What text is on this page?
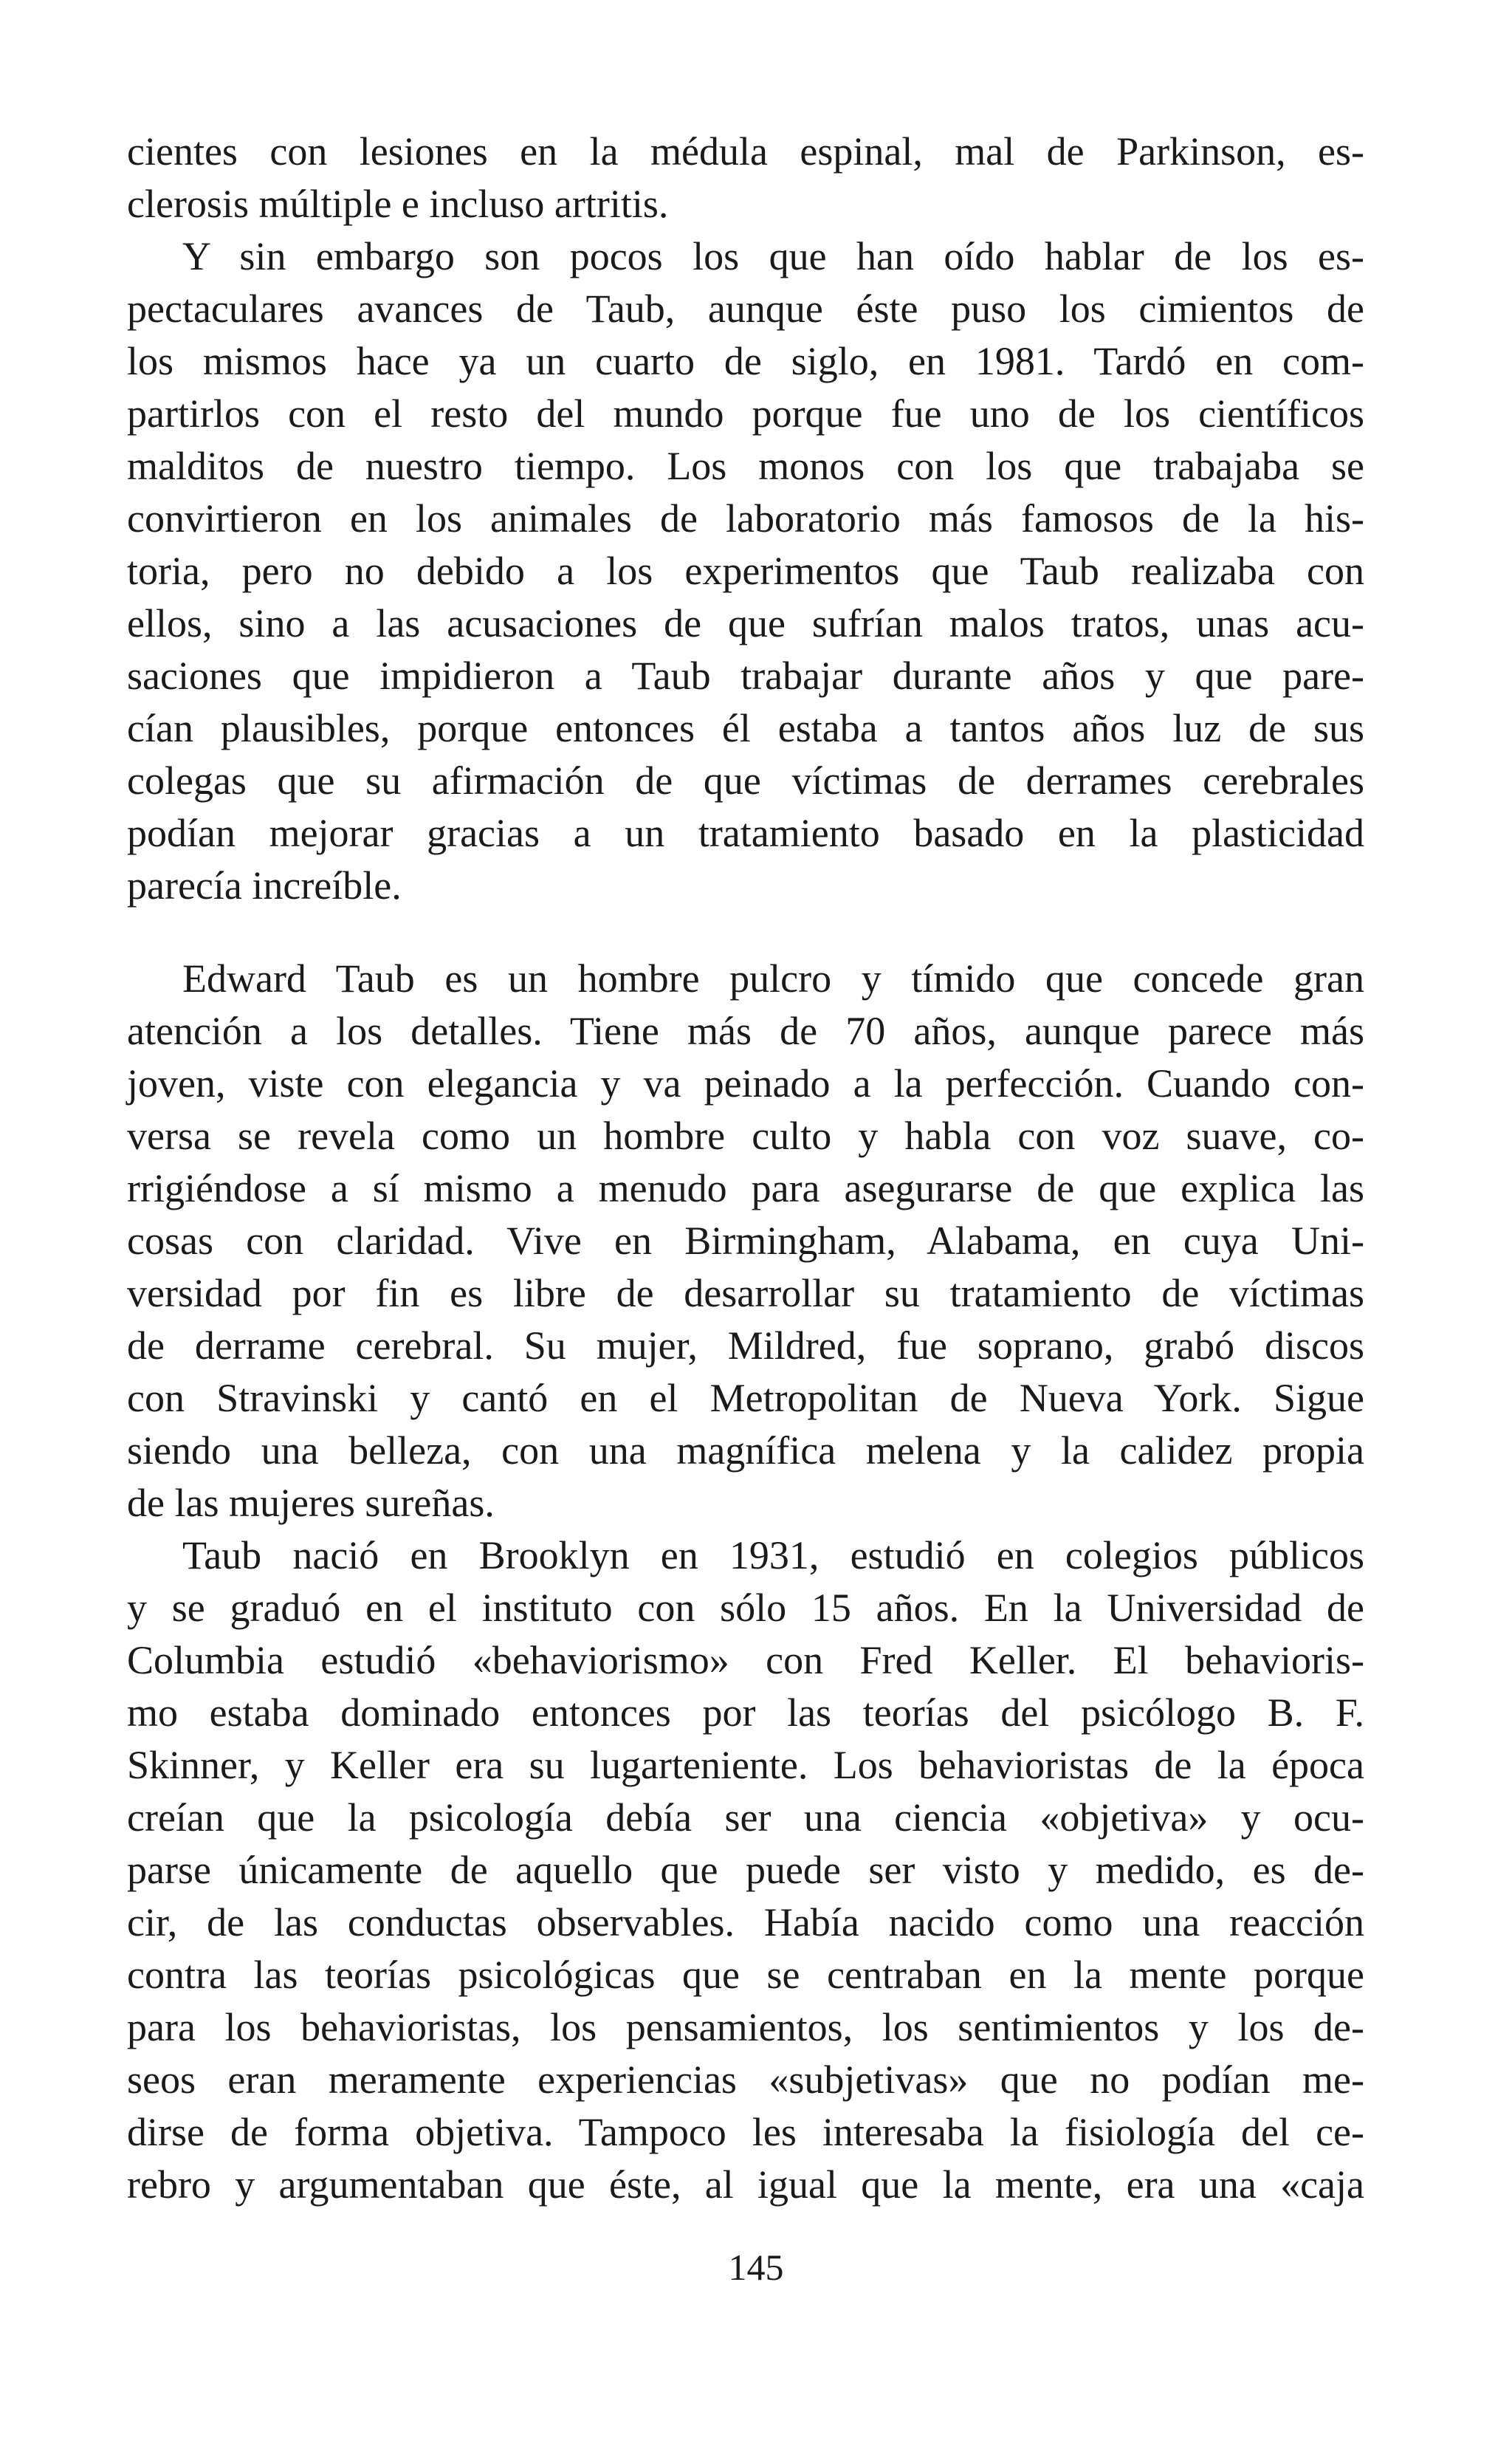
cientes con lesiones en la médula espinal, mal de Parkinson, es-
clerosis múltiple e incluso artritis.
Y sin embargo son pocos los que han oído hablar de los es-
pectaculares avances de Taub, aunque éste puso los cimientos de
los mismos hace ya un cuarto de siglo, en 1981. Tardó en com-
partirlos con el resto del mundo porque fue uno de los científicos
malditos de nuestro tiempo. Los monos con los que trabajaba se
convirtieron en los animales de laboratorio más famosos de la his-
toria, pero no debido a los experimentos que Taub realizaba con
ellos, sino a las acusaciones de que sufrían malos tratos, unas acu-
saciones que impidieron a Taub trabajar durante años y que pare-
cían plausibles, porque entonces él estaba a tantos años luz de sus
colegas que su afirmación de que víctimas de derrames cerebrales
podían mejorar gracias a un tratamiento basado en la plasticidad
parecía increíble.
Edward Taub es un hombre pulcro y tímido que concede gran
atención a los detalles. Tiene más de 70 años, aunque parece más
joven, viste con elegancia y va peinado a la perfección. Cuando con-
versa se revela como un hombre culto y habla con voz suave, co-
rrigiéndose a sí mismo a menudo para asegurarse de que explica las
cosas con claridad. Vive en Birmingham, Alabama, en cuya Uni-
versidad por fin es libre de desarrollar su tratamiento de víctimas
de derrame cerebral. Su mujer, Mildred, fue soprano, grabó discos
con Stravinski y cantó en el Metropolitan de Nueva York. Sigue
siendo una belleza, con una magnífica melena y la calidez propia
de las mujeres sureñas.
Taub nació en Brooklyn en 1931, estudió en colegios públicos
y se graduó en el instituto con sólo 15 años. En la Universidad de
Columbia estudió «behaviorismo» con Fred Keller. El behavioris-
mo estaba dominado entonces por las teorías del psicólogo B. F.
Skinner, y Keller era su lugarteniente. Los behavioristas de la época
creían que la psicología debía ser una ciencia «objetiva» y ocu-
parse únicamente de aquello que puede ser visto y medido, es de-
cir, de las conductas observables. Había nacido como una reacción
contra las teorías psicológicas que se centraban en la mente porque
para los behavioristas, los pensamientos, los sentimientos y los de-
seos eran meramente experiencias «subjetivas» que no podían me-
dirse de forma objetiva. Tampoco les interesaba la fisiología del ce-
rebro y argumentaban que éste, al igual que la mente, era una «caja
145
